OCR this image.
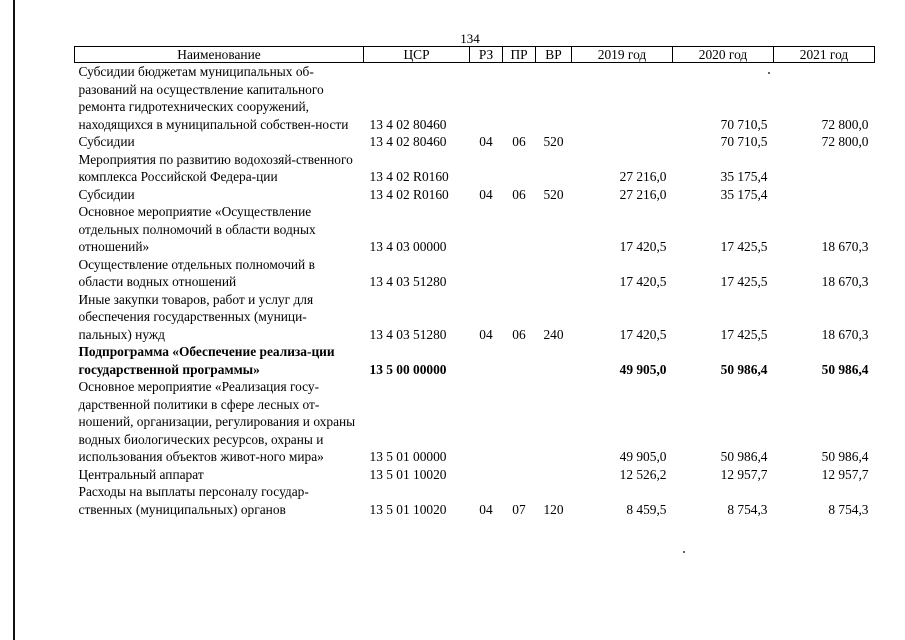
134
Наименование	ЦСР	РЗ	ПР	ВР	2019 год	2020 год	2021 год
Субсидии бюджетам муниципальных об-разований на осуществление капитального ремонта гидротехнических сооружений, находящихся в муниципальной собствен-ности	13 4 02 80460					70 710,5	72 800,0
Субсидии	13 4 02 80460	04	06	520		70 710,5	72 800,0
Мероприятия по развитию водохозяй-ственного комплекса Российской Федера-ции	13 4 02 R0160				27 216,0	35 175,4	
Субсидии	13 4 02 R0160	04	06	520	27 216,0	35 175,4	
Основное мероприятие «Осуществление отдельных полномочий в области водных отношений»	13 4 03 00000				17 420,5	17 425,5	18 670,3
Осуществление отдельных полномочий в области водных отношений	13 4 03 51280				17 420,5	17 425,5	18 670,3
Иные закупки товаров, работ и услуг для обеспечения государственных (муници-пальных) нужд	13 4 03 51280	04	06	240	17 420,5	17 425,5	18 670,3
Подпрограмма «Обеспечение реализа-ции государственной программы»	13 5 00 00000				49 905,0	50 986,4	50 986,4
Основное мероприятие «Реализация госу-дарственной политики в сфере лесных от-ношений, организации, регулирования и охраны водных биологических ресурсов, охраны и использования объектов живот-ного мира»	13 5 01 00000				49 905,0	50 986,4	50 986,4
Центральный аппарат	13 5 01 10020				12 526,2	12 957,7	12 957,7
Расходы на выплаты персоналу государ-ственных (муниципальных) органов	13 5 01 10020	04	07	120	8 459,5	8 754,3	8 754,3
